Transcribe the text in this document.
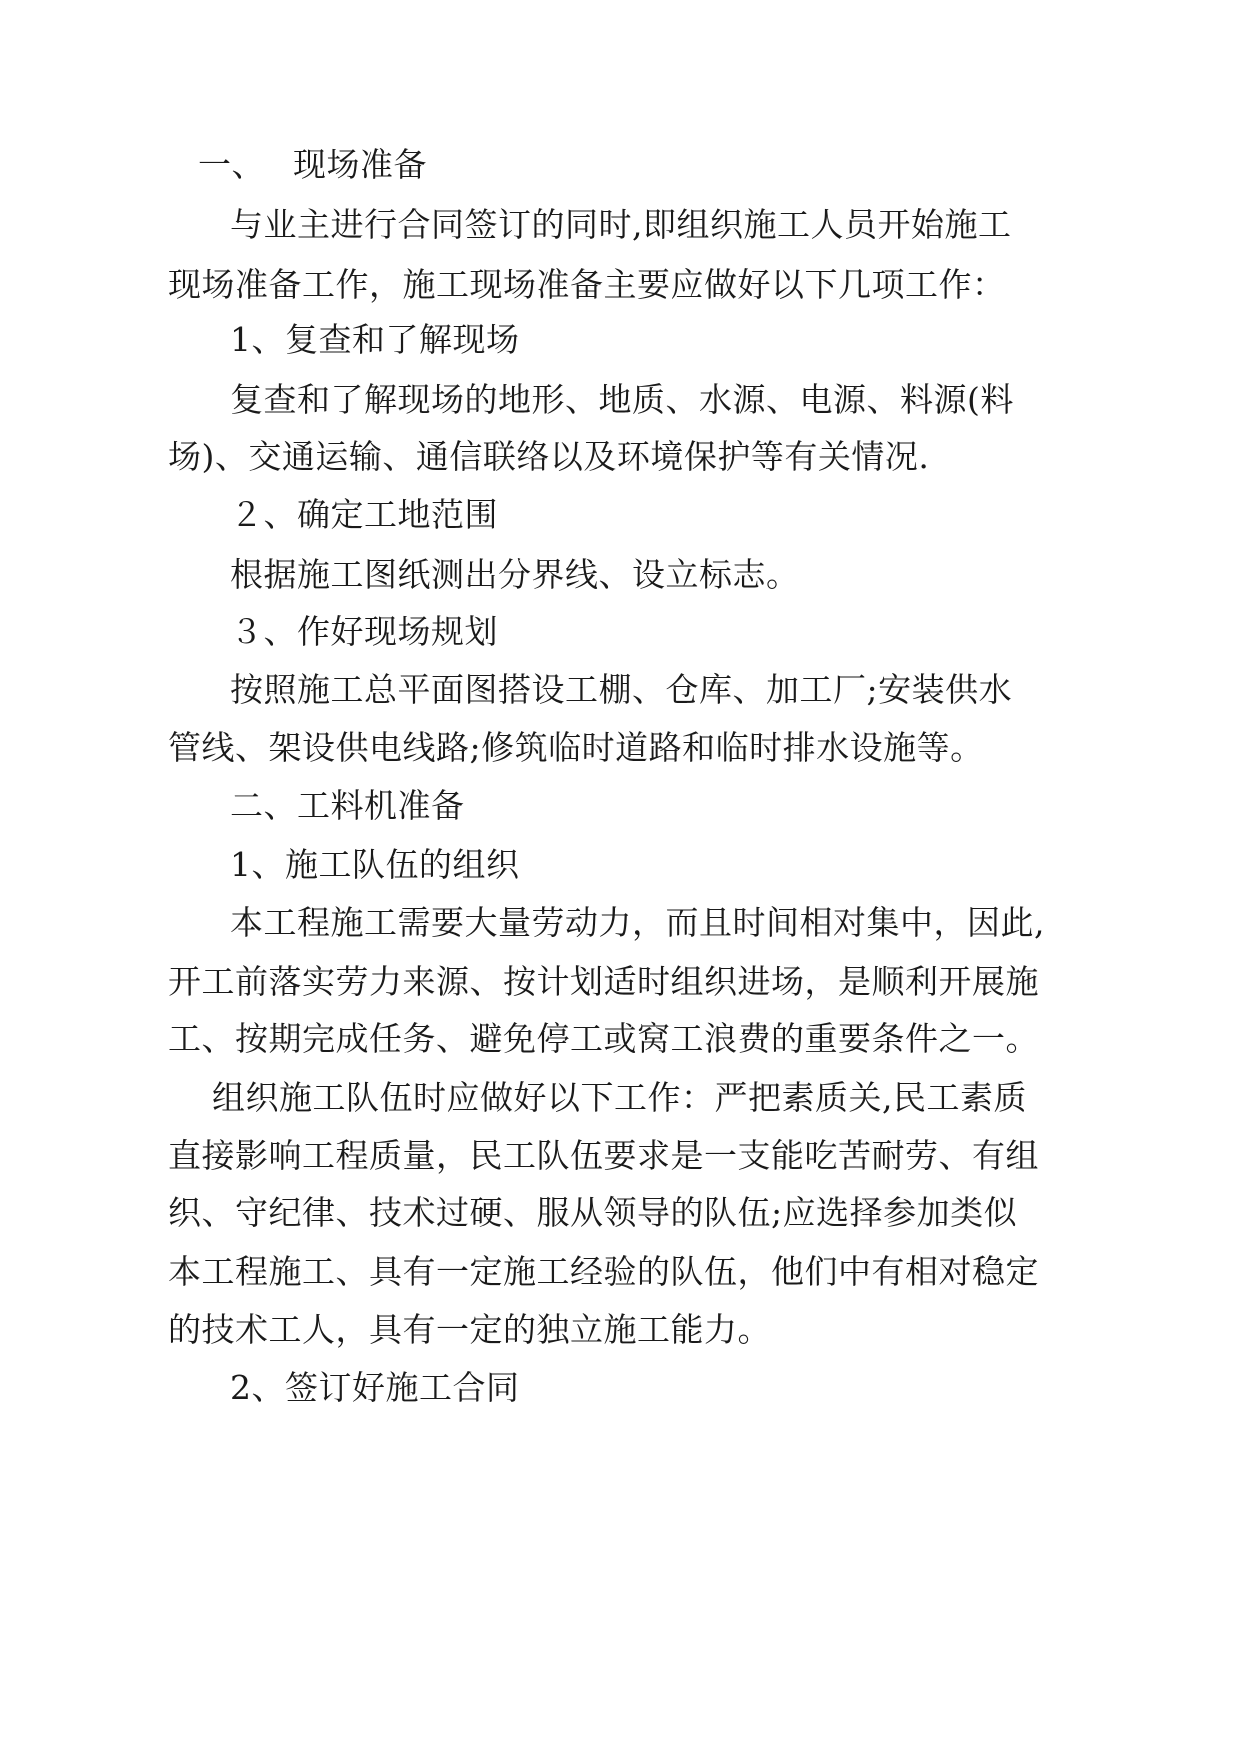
一、 现场准备
与业主进行合同签订的同时,即组织施工人员开始施工
现场准备工作，施工现场准备主要应做好以下几项工作：
1、复查和了解现场
复查和了解现场的地形、地质、水源、电源、料源(料
场)、交通运输、通信联络以及环境保护等有关情况.
２、确定工地范围
根据施工图纸测出分界线、设立标志。
３、作好现场规划
按照施工总平面图搭设工棚、仓库、加工厂;安装供水
管线、架设供电线路;修筑临时道路和临时排水设施等。
二、工料机准备
1、施工队伍的组织
本工程施工需要大量劳动力，而且时间相对集中，因此,
开工前落实劳力来源、按计划适时组织进场，是顺利开展施
工、按期完成任务、避免停工或窝工浪费的重要条件之一。
组织施工队伍时应做好以下工作：严把素质关,民工素质
直接影响工程质量，民工队伍要求是一支能吃苦耐劳、有组
织、守纪律、技术过硬、服从领导的队伍;应选择参加类似
本工程施工、具有一定施工经验的队伍，他们中有相对稳定
的技术工人，具有一定的独立施工能力。
2、签订好施工合同
